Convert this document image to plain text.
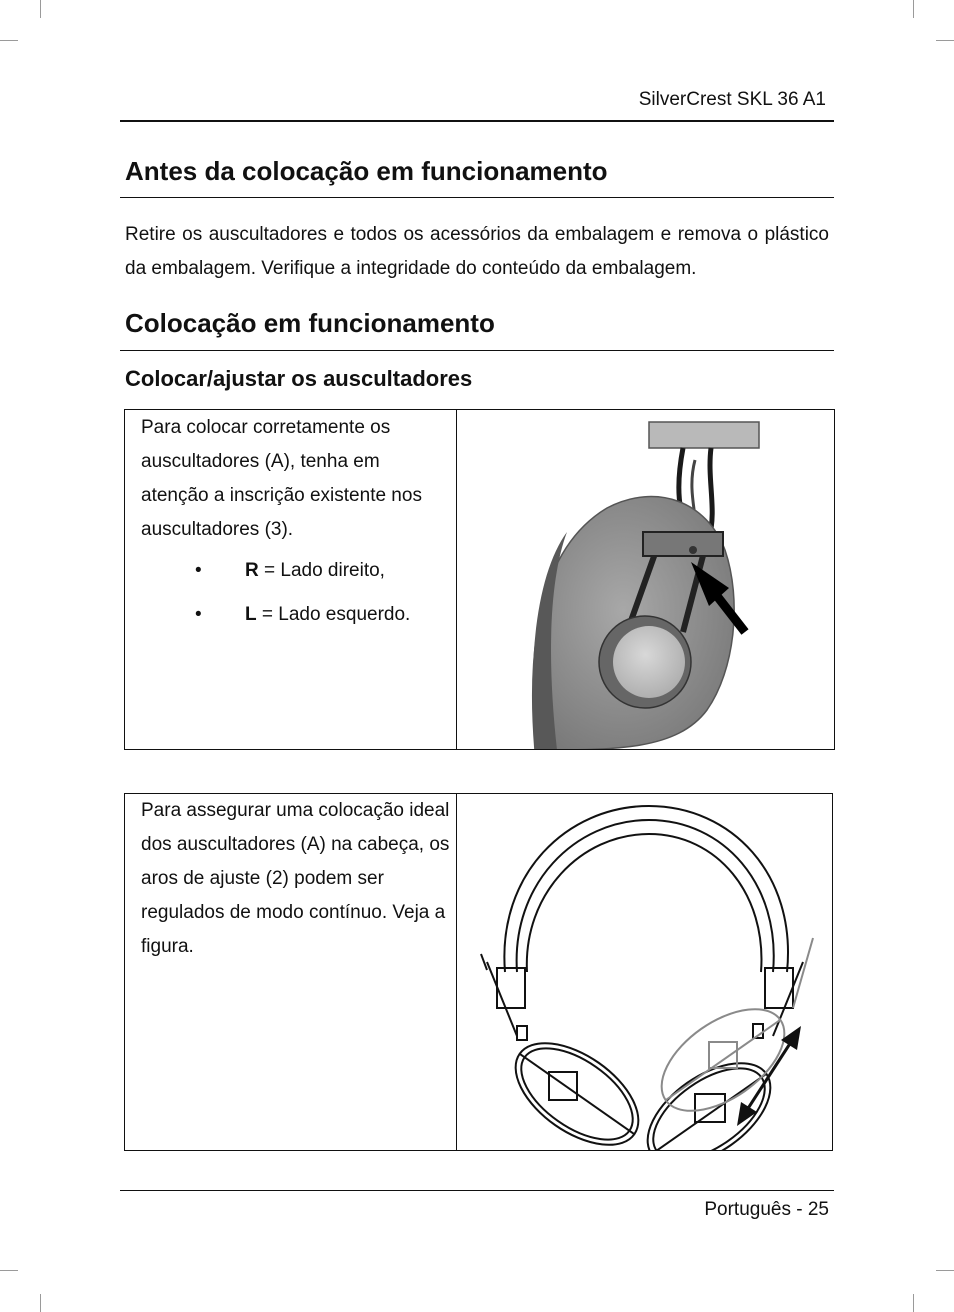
SilverCrest SKL 36 A1
Antes da colocação em funcionamento

Retire os auscultadores e todos os acessórios da embalagem e remova o plástico da embalagem. Verifique a integridade do conteúdo da embalagem.

Colocação em funcionamento
Colocar/ajustar os auscultadores

Para colocar corretamente os auscultadores (A), tenha em atenção a inscrição existente nos auscultadores (3).

• R = Lado direito,
• L = Lado esquerdo.

Para assegurar uma colocação ideal dos auscultadores (A) na cabeça, os aros de ajuste (2) podem ser regulados de modo contínuo. Veja a figura.

Português - 25
